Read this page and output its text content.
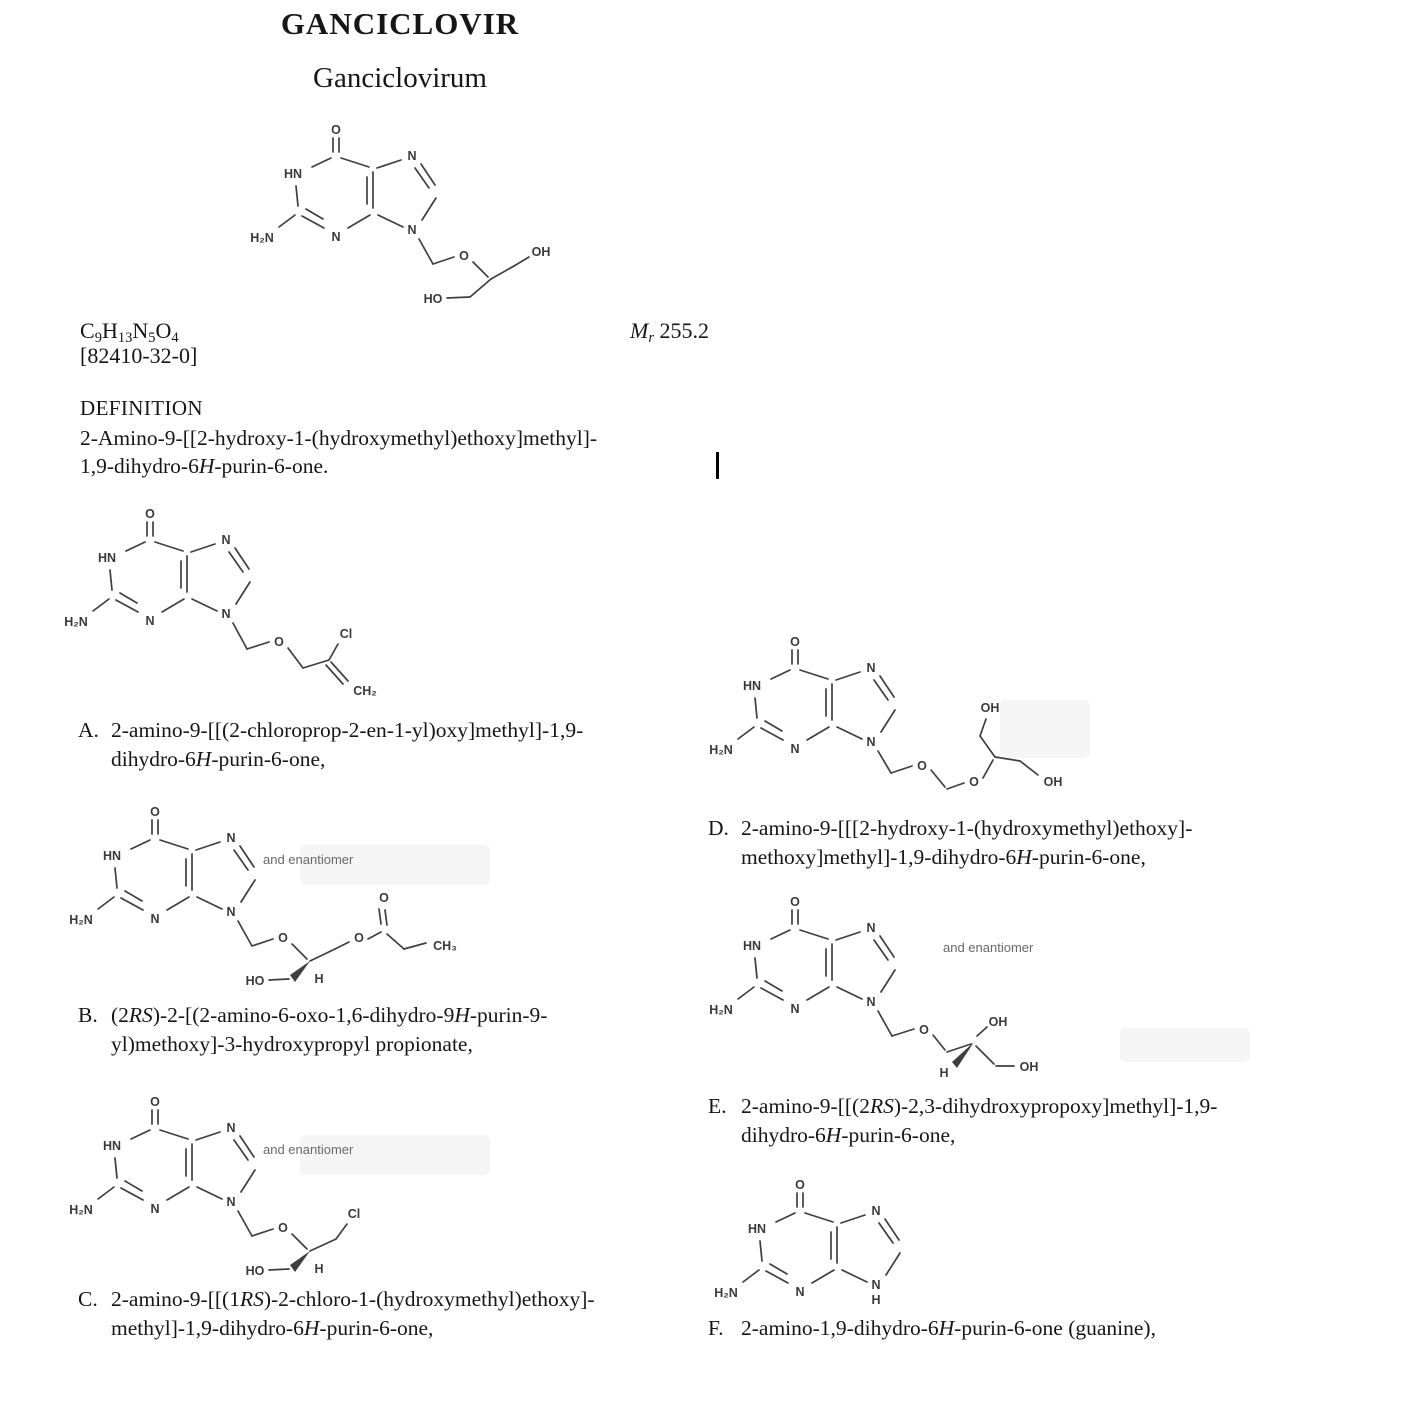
GANCICLOVIR
Ganciclovirum
O
HN
H₂N	N
N
N
O	OH
HO
C9H13N5O4	Mr 255.2
[82410-32-0]
DEFINITION
2-Amino-9-[[2-hydroxy-1-(hydroxymethyl)ethoxy]methyl]-
1,9-dihydro-6H-purin-6-one.
O
HN
H₂N	N
N
N
O
Cl
CH₂
A. 2-amino-9-[[(2-chloroprop-2-en-1-yl)oxy]methyl]-1,9-
dihydro-6H-purin-6-one,
and enantiomer
O
HN
H₂N	N
N
N
O
HO	H
O
O
CH₃
B. (2RS)-2-[(2-amino-6-oxo-1,6-dihydro-9H-purin-9-
yl)methoxy]-3-hydroxypropyl propionate,
and enantiomer
O
HN
H₂N	N
N
N
O
HO	H
Cl
C. 2-amino-9-[[(1RS)-2-chloro-1-(hydroxymethyl)ethoxy]-
methyl]-1,9-dihydro-6H-purin-6-one,
O
HN
H₂N	N
N
N
O
O
OH
OH
D. 2-amino-9-[[[2-hydroxy-1-(hydroxymethyl)ethoxy]-
methoxy]methyl]-1,9-dihydro-6H-purin-6-one,
and enantiomer
O
HN
H₂N	N
N
N
O
OH
H	OH
E. 2-amino-9-[[(2RS)-2,3-dihydroxypropoxy]methyl]-1,9-
dihydro-6H-purin-6-one,
O
HN
H₂N	N
N
N
H
F. 2-amino-1,9-dihydro-6H-purin-6-one (guanine),
